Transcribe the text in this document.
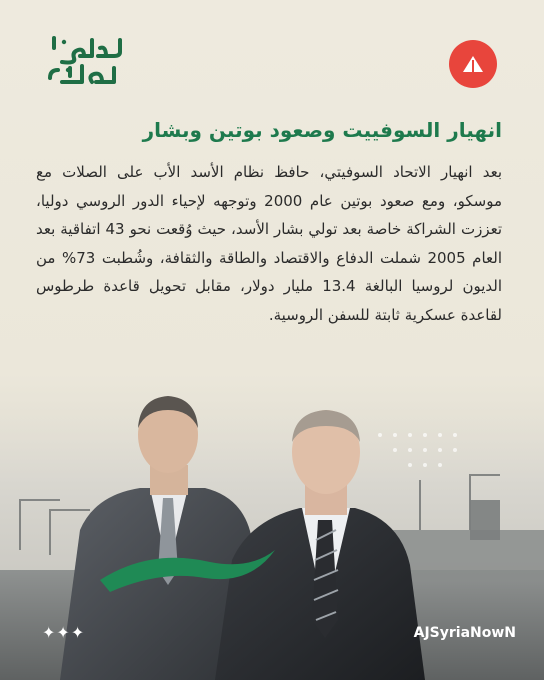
انهيار السوفييت وصعود بوتين وبشار

بعد انهيار الاتحاد السوفيتي، حافظ نظام الأسد الأب على الصلات مع موسكو، ومع صعود بوتين عام 2000 وتوجهه لإحياء الدور الروسي دوليا، تعززت الشراكة خاصة بعد تولي بشار الأسد، حيث وُقعت نحو 43 اتفاقية بعد العام 2005 شملت الدفاع والاقتصاد والطاقة والثقافة، وشُطبت 73% من الديون لروسيا البالغة 13.4 مليار دولار، مقابل تحويل قاعدة طرطوس لقاعدة عسكرية ثابتة للسفن الروسية.

✦✦✦	AJSyriaNowN
